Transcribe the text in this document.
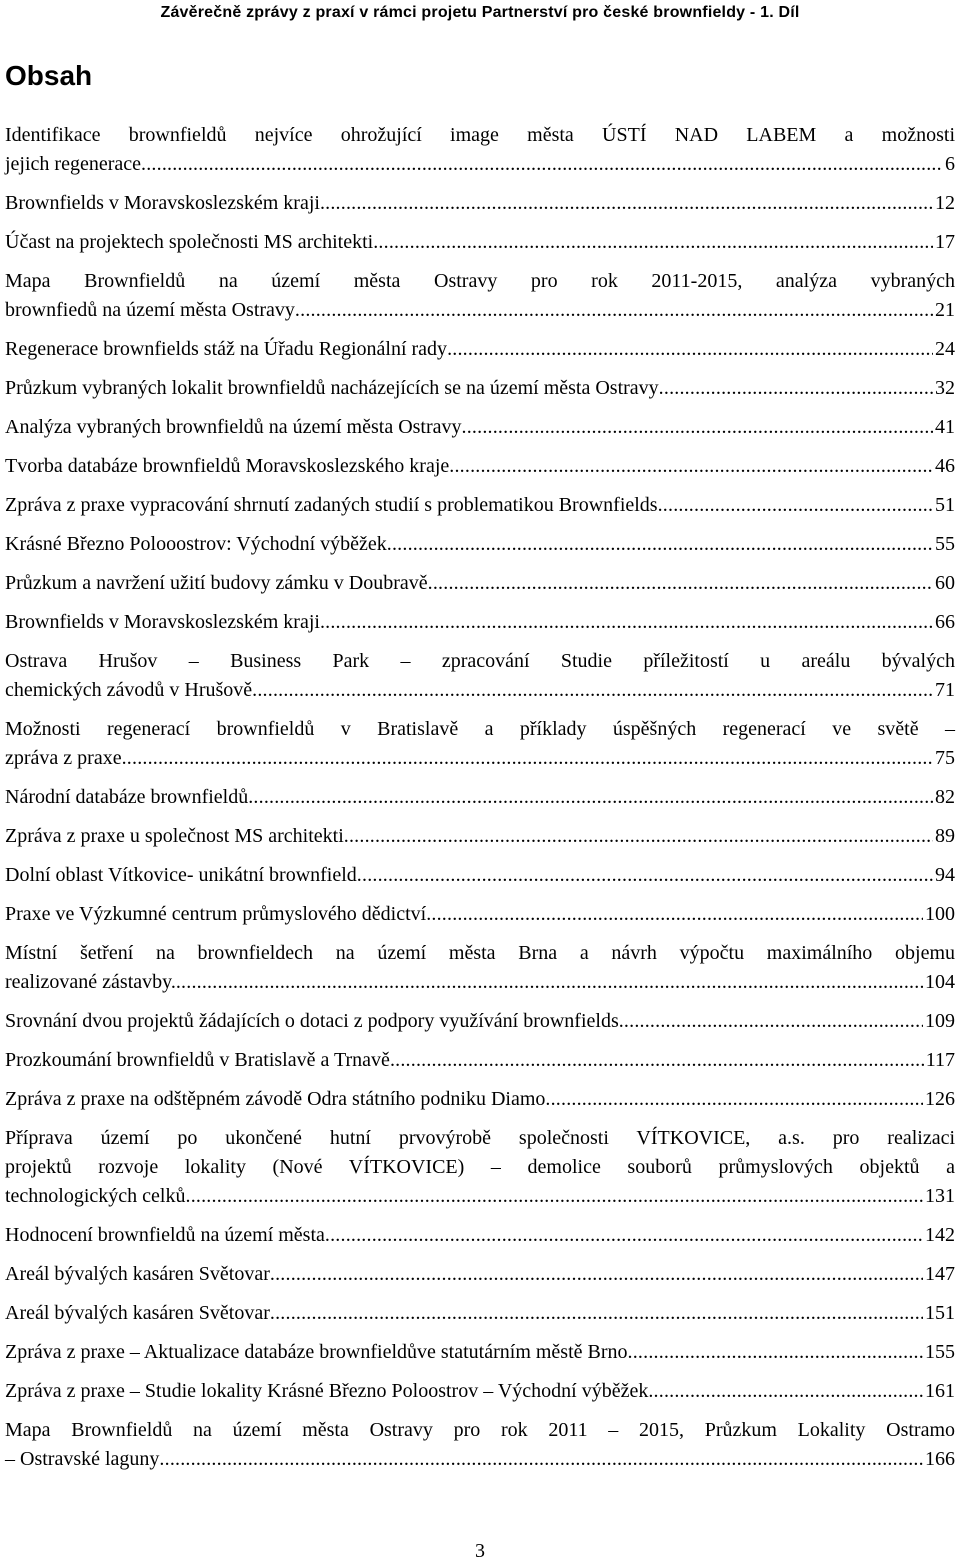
Závěrečně zprávy z praxí v rámci projetu Partnerství pro české brownfieldy - 1. Díl
Obsah
Identifikace brownfieldů nejvíce ohrožující image města ÚSTÍ NAD LABEM a možnosti
jejich regenerace . . .	6
Brownfields v Moravskoslezském kraji . . .	12
Účast na projektech společnosti MS architekti . . .	17
Mapa Brownfieldů na území města Ostravy pro rok 2011-2015, analýza vybraných
brownfiedů na území města Ostravy . . .	21
Regenerace brownfields stáž na Úřadu Regionální rady . . .	24
Průzkum vybraných lokalit brownfieldů nacházejících se na území města Ostravy . . .	32
Analýza vybraných brownfieldů na území města Ostravy . . .	41
Tvorba databáze brownfieldů Moravskoslezského kraje . . .	46
Zpráva z praxe vypracování shrnutí zadaných studií s problematikou Brownfields . . .	51
Krásné Březno Polooostrov: Východní výběžek . . .	55
Průzkum a navržení užití budovy zámku v Doubravě . . .	60
Brownfields v Moravskoslezském kraji . . .	66
Ostrava Hrušov – Business Park – zpracování Studie příležitostí u areálu bývalých
chemických závodů v Hrušově . . .	71
Možnosti regenerací brownfieldů v Bratislavě a příklady úspěšných regenerací ve světě –
zpráva z praxe . . .	75
Národní databáze brownfieldů . . .	82
Zpráva z praxe u společnost MS architekti . . .	89
Dolní oblast Vítkovice- unikátní brownfield . . .	94
Praxe ve Výzkumné centrum průmyslového dědictví . . .	100
Místní šetření na brownfieldech na území města Brna a návrh výpočtu maximálního objemu
realizované zástavby. . . .	104
Srovnání dvou projektů žádajících o dotaci z podpory využívání brownfields . . .	109
Prozkoumání brownfieldů v Bratislavě a Trnavě . . .	117
Zpráva z praxe na odštěpném závodě Odra státního podniku Diamo . . .	126
Příprava území po ukončené hutní prvovýrobě společnosti VÍTKOVICE, a.s. pro realizaci
projektů rozvoje lokality (Nové VÍTKOVICE) – demolice souborů průmyslových objektů a
technologických celků . . .	131
Hodnocení brownfieldů na území města . . .	142
Areál bývalých kasáren Světovar . . .	147
Areál bývalých kasáren Světovar . . .	151
Zpráva z praxe – Aktualizace databáze brownfieldůve statutárním městě Brno . . .	155
Zpráva z praxe – Studie lokality Krásné Březno Poloostrov – Východní výběžek . . .	161
Mapa Brownfieldů na území města Ostravy pro rok 2011 – 2015, Průzkum Lokality Ostramo
– Ostravské laguny . . .	166
3
